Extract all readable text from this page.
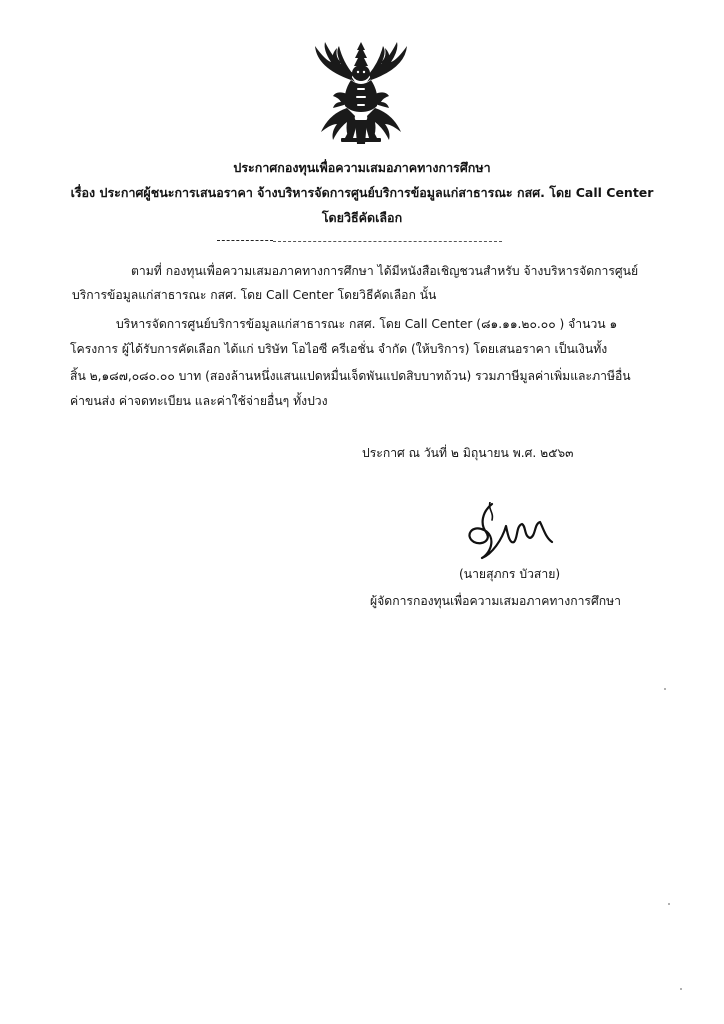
ประกาศกองทุนเพื่อความเสมอภาคทางการศึกษา
เรื่อง ประกาศผู้ชนะการเสนอราคา จ้างบริหารจัดการศูนย์บริการข้อมูลแก่สาธารณะ กสศ. โดย Call Center
โดยวิธีคัดเลือก
ตามที่ กองทุนเพื่อความเสมอภาคทางการศึกษา ได้มีหนังสือเชิญชวนสำหรับ จ้างบริหารจัดการศูนย์
บริการข้อมูลแก่สาธารณะ กสศ. โดย Call Center โดยวิธีคัดเลือก นั้น
บริหารจัดการศูนย์บริการข้อมูลแก่สาธารณะ กสศ. โดย Call Center (๘๑.๑๑.๒๐.๐๐ ) จำนวน ๑
โครงการ ผู้ได้รับการคัดเลือก ได้แก่ บริษัท โอไอซี ครีเอชั่น จำกัด (ให้บริการ) โดยเสนอราคา เป็นเงินทั้ง
สิ้น ๒,๑๘๗,๐๘๐.๐๐ บาท (สองล้านหนึ่งแสนแปดหมื่นเจ็ดพันแปดสิบบาทถ้วน) รวมภาษีมูลค่าเพิ่มและภาษีอื่น
ค่าขนส่ง ค่าจดทะเบียน และค่าใช้จ่ายอื่นๆ ทั้งปวง
ประกาศ ณ วันที่ ๒ มิถุนายน พ.ศ. ๒๕๖๓
(นายสุภกร บัวสาย)
ผู้จัดการกองทุนเพื่อความเสมอภาคทางการศึกษา
